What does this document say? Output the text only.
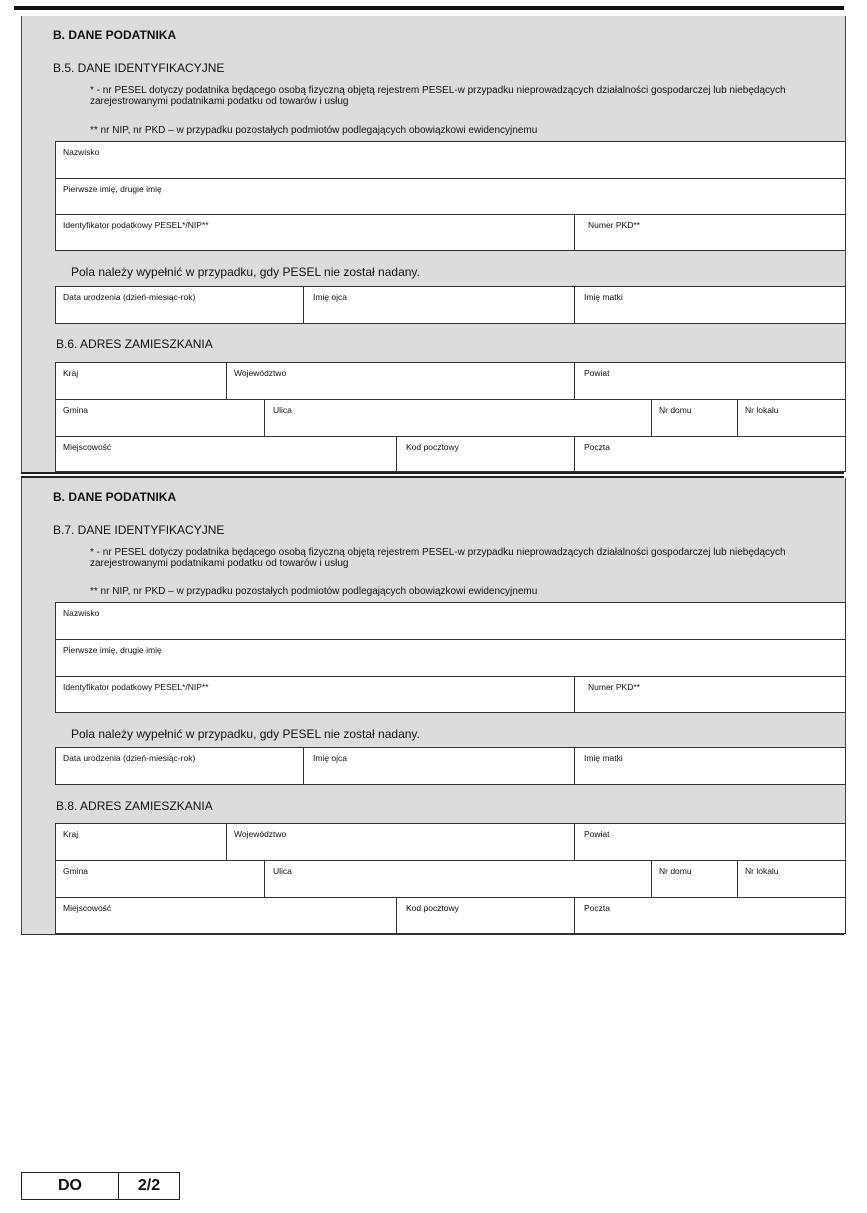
B. DANE PODATNIKA
B.5. DANE IDENTYFIKACYJNE
* - nr PESEL dotyczy podatnika będącego osobą fizyczną objętą rejestrem PESEL-w przypadku nieprowadzących działalności gospodarczej lub niebędących zarejestrowanymi podatnikami podatku od towarów i usług
** nr NIP, nr PKD – w przypadku pozostałych podmiotów podlegających obowiązkowi ewidencyjnemu
Nazwisko
Pierwsze imię, drugie imię
Identyfikator podatkowy PESEL*/NIP**	Numer PKD**
Pola należy wypełnić w przypadku, gdy PESEL nie został nadany.
Data urodzenia (dzień-miesiąc-rok)	Imię ojca	Imię matki
B.6. ADRES ZAMIESZKANIA
Kraj	Województwo	Powiat
Gmina	Ulica	Nr domu	Nr lokalu
Miejscowość	Kod pocztowy	Poczta
B. DANE PODATNIKA
B.7. DANE IDENTYFIKACYJNE
* - nr PESEL dotyczy podatnika będącego osobą fizyczną objętą rejestrem PESEL-w przypadku nieprowadzących działalności gospodarczej lub niebędących zarejestrowanymi podatnikami podatku od towarów i usług
** nr NIP, nr PKD – w przypadku pozostałych podmiotów podlegających obowiązkowi ewidencyjnemu
Nazwisko
Pierwsze imię, drugie imię
Identyfikator podatkowy PESEL*/NIP**	Numer PKD**
Pola należy wypełnić w przypadku, gdy PESEL nie został nadany.
Data urodzenia (dzień-miesiąc-rok)	Imię ojca	Imię matki
B.8. ADRES ZAMIESZKANIA
Kraj	Województwo	Powiat
Gmina	Ulica	Nr domu	Nr lokalu
Miejscowość	Kod pocztowy	Poczta
DO	2/2
